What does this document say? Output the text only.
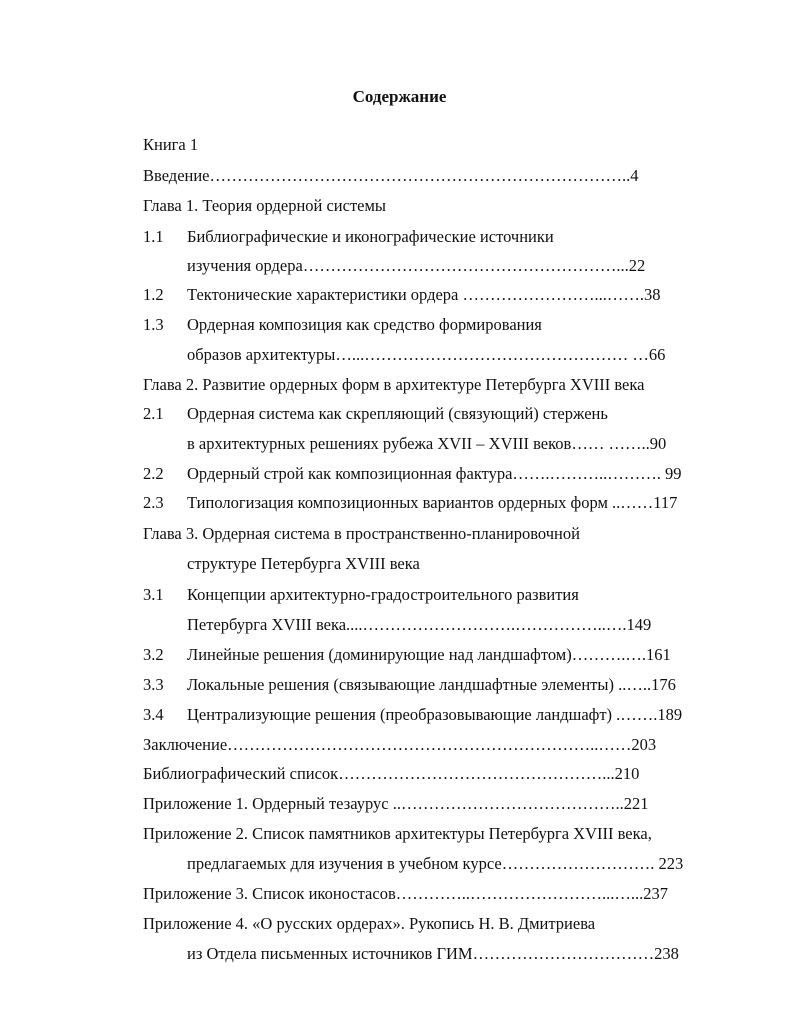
Содержание
Книга 1
Введение…………………………………………………………………..4
Глава 1. Теория ордерной системы
1.1 Библиографические и иконографические источники
изучения ордера…………………………………………………...22
1.2 Тектонические характеристики ордера ……………………...…….38
1.3 Ордерная композиция как средство формирования
образов архитектуры…...………………………………………… …66
Глава 2. Развитие ордерных форм в архитектуре Петербурга XVIII века
2.1 Ордерная система как скрепляющий (связующий) стержень
в архитектурных решениях рубежа XVII – XVIII веков…… ……..90
2.2 Ордерный строй как композиционная фактура…….………..………. 99
2.3 Типологизация композиционных вариантов ордерных форм ..……117
Глава 3. Ордерная система в пространственно-планировочной
структуре Петербурга XVIII века
3.1 Концепции архитектурно-градостроительного развития
Петербурга XVIII века....……………………….……………..….149
3.2 Линейные решения (доминирующие над ландшафтом)……….….161
3.3 Локальные решения (связывающие ландшафтные элементы) ..…..176
3.4 Централизующие решения (преобразовывающие ландшафт) .…….189
Заключение…………………………………………………………..……203
Библиографический список…………………………………………...210
Приложение 1. Ордерный тезаурус ..…………………………………..221
Приложение 2. Список памятников архитектуры Петербурга XVIII века,
предлагаемых для изучения в учебном курсе………………………. 223
Приложение 3. Список иконостасов…………..……………………...…...237
Приложение 4. «О русских ордерах». Рукопись Н. В. Дмитриева
из Отдела письменных источников ГИМ……………………………238
